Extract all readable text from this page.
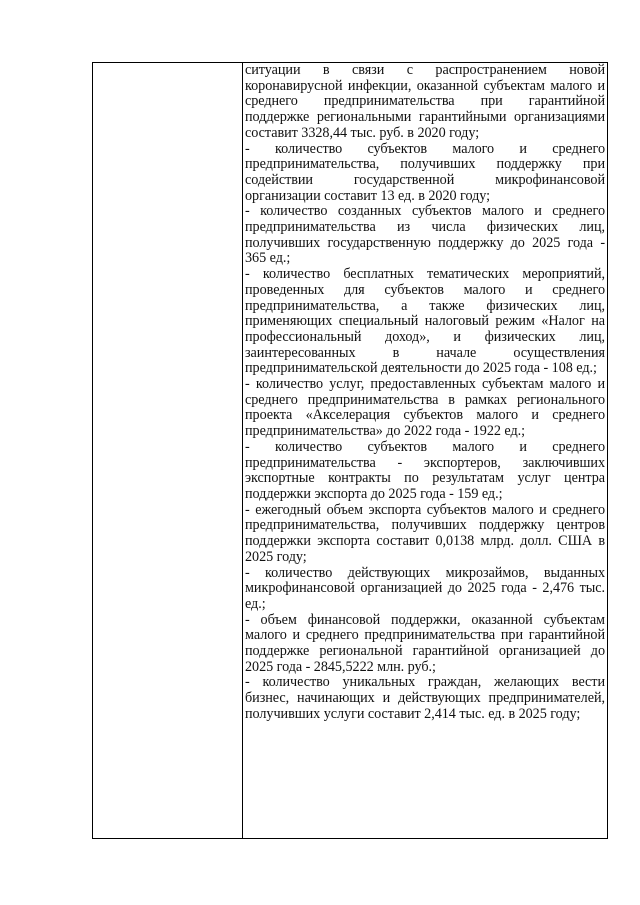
ситуации в связи с распространением новой коронавирусной инфекции, оказанной субъектам малого и среднего предпринимательства при гарантийной поддержке региональными гарантийными организациями составит 3328,44 тыс. руб. в 2020 году;

- количество субъектов малого и среднего предпринимательства, получивших поддержку при содействии государственной микрофинансовой организации составит 13 ед. в 2020 году;

- количество созданных субъектов малого и среднего предпринимательства из числа физических лиц, получивших государственную поддержку до 2025 года - 365 ед.;

- количество бесплатных тематических мероприятий, проведенных для субъектов малого и среднего предпринимательства, а также физических лиц, применяющих специальный налоговый режим «Налог на профессиональный доход», и физических лиц, заинтересованных в начале осуществления предпринимательской деятельности до 2025 года - 108 ед.;

- количество услуг, предоставленных субъектам малого и среднего предпринимательства в рамках регионального проекта «Акселерация субъектов малого и среднего предпринимательства» до 2022 года - 1922 ед.;

- количество субъектов малого и среднего предпринимательства - экспортеров, заключивших экспортные контракты по результатам услуг центра поддержки экспорта до 2025 года - 159 ед.;

- ежегодный объем экспорта субъектов малого и среднего предпринимательства, получивших поддержку центров поддержки экспорта составит 0,0138 млрд. долл. США в 2025 году;

- количество действующих микрозаймов, выданных микрофинансовой организацией до 2025 года - 2,476 тыс. ед.;

- объем финансовой поддержки, оказанной субъектам малого и среднего предпринимательства при гарантийной поддержке региональной гарантийной организацией до 2025 года - 2845,5222 млн. руб.;

- количество уникальных граждан, желающих вести бизнес, начинающих и действующих предпринимателей, получивших услуги составит 2,414 тыс. ед. в 2025 году;
